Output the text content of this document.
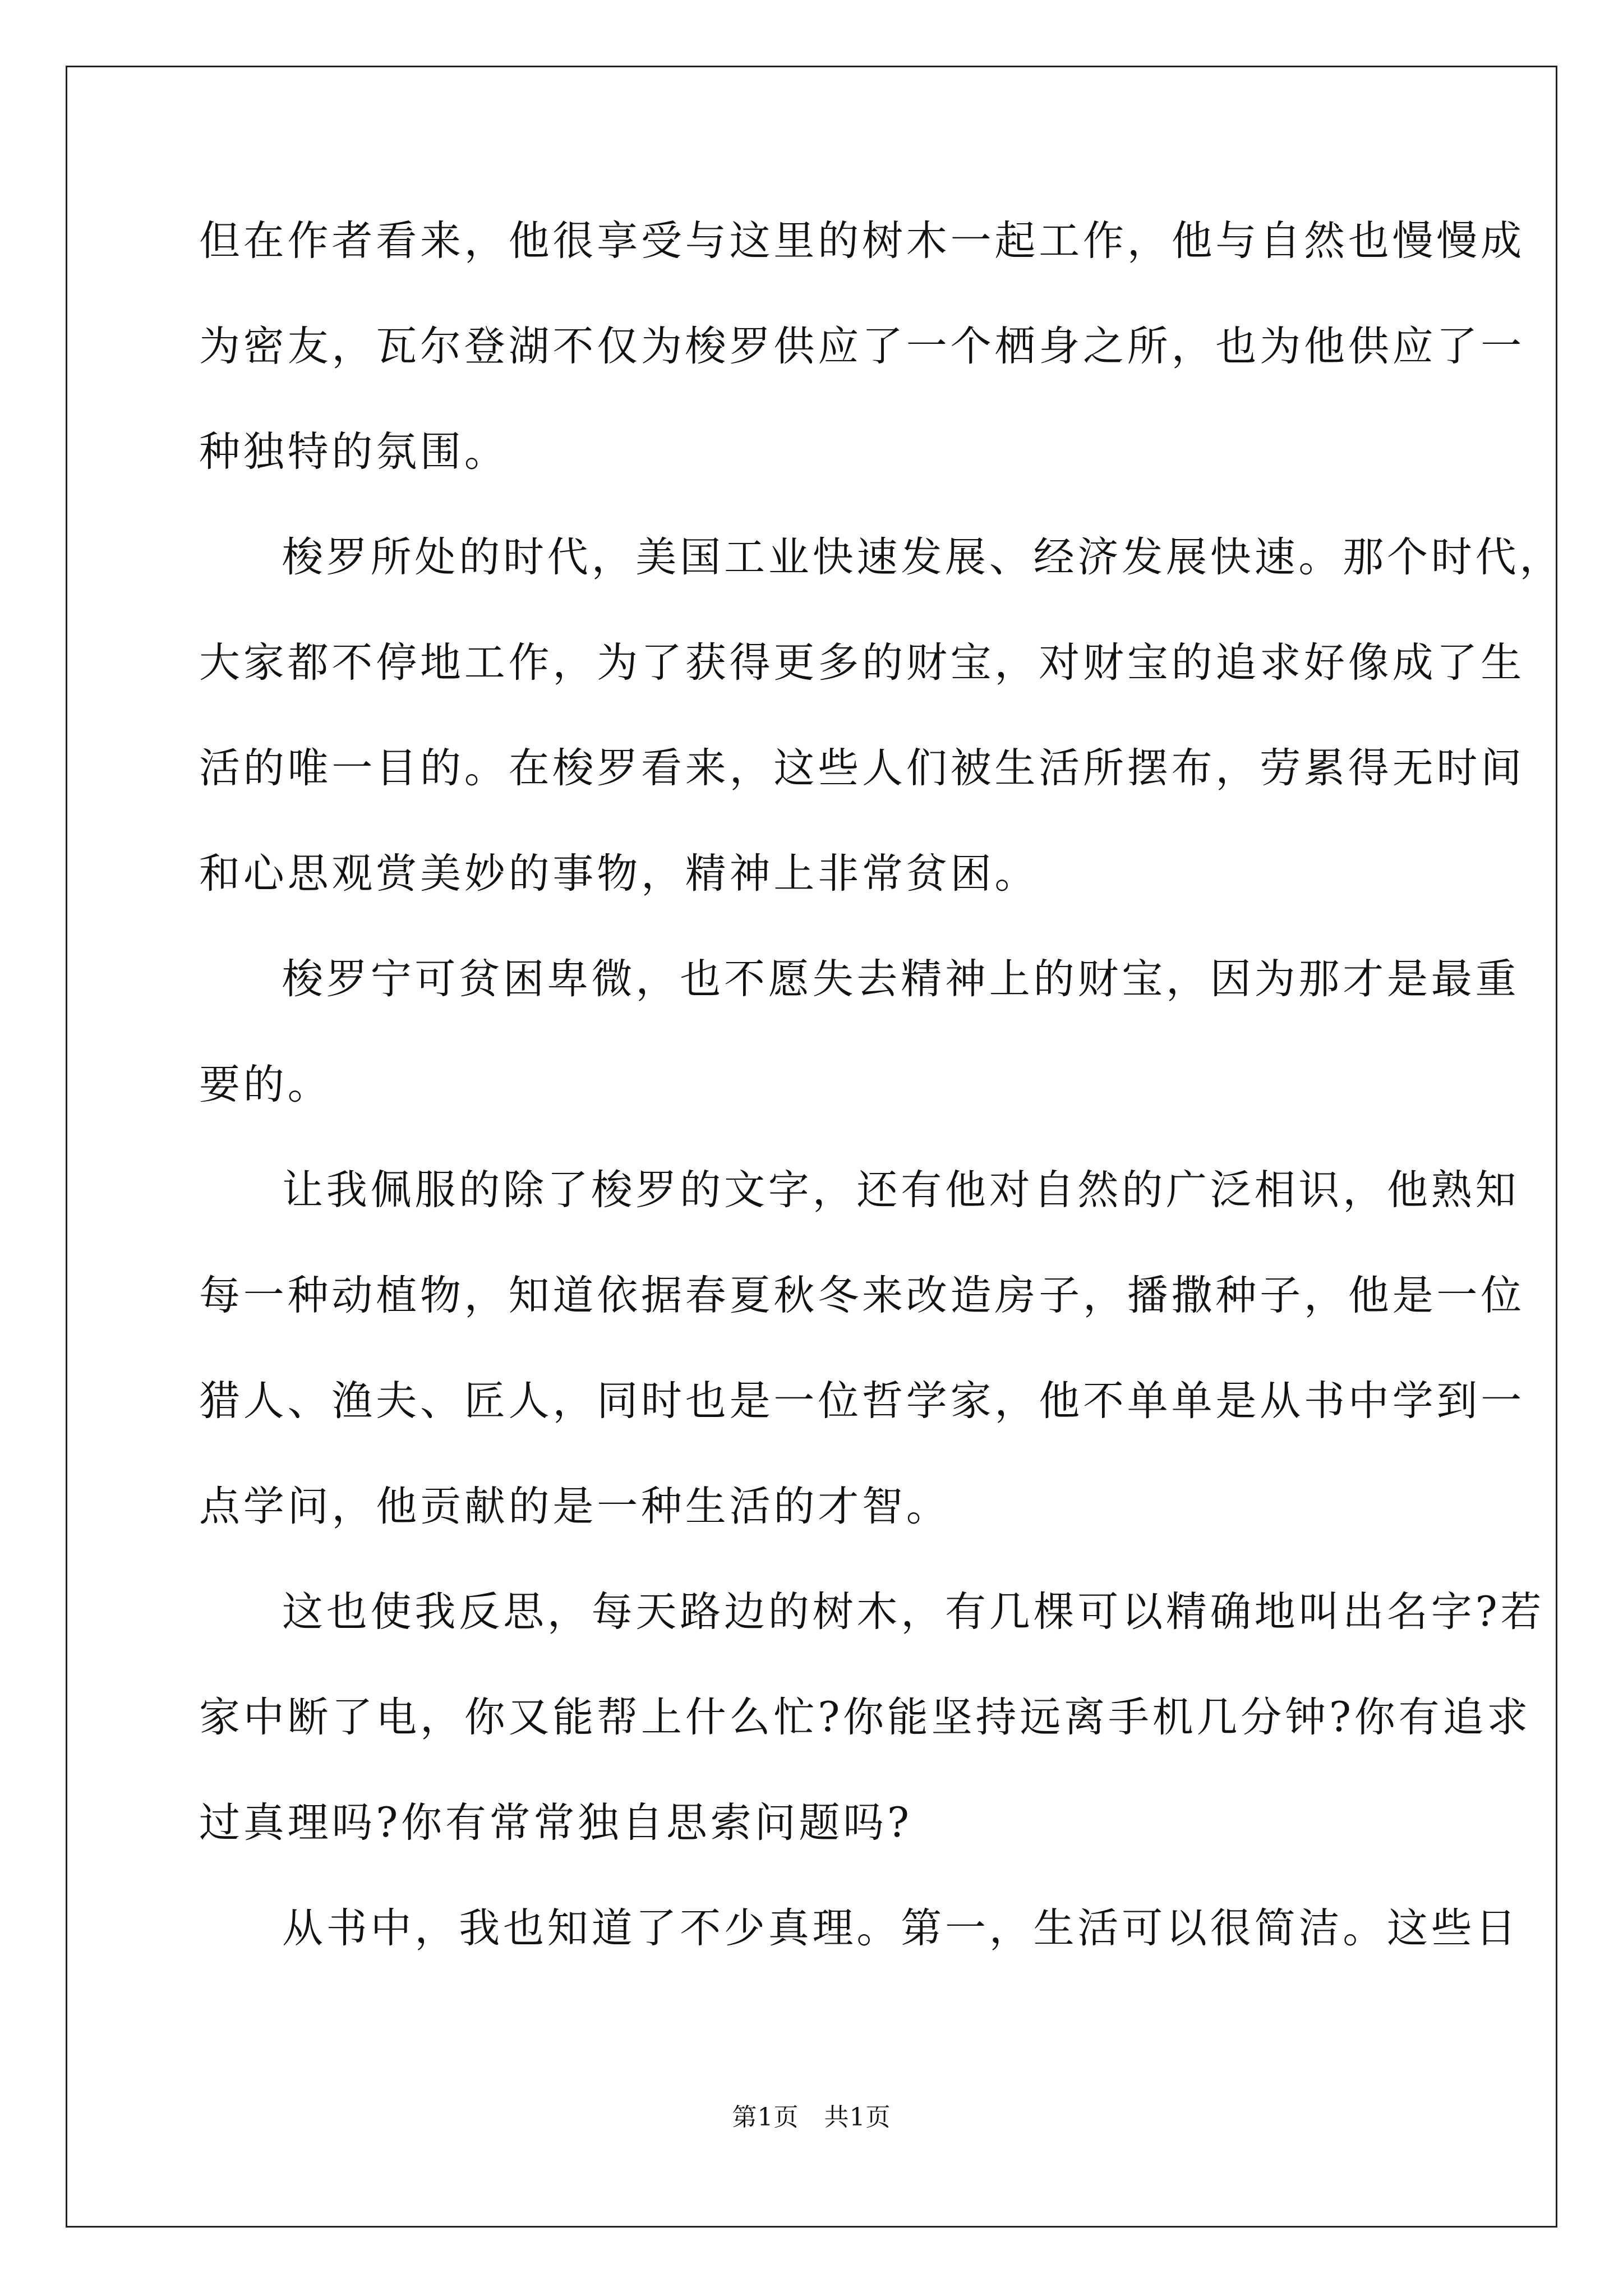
但在作者看来，他很享受与这里的树木一起工作，他与自然也慢慢成
为密友，瓦尔登湖不仅为梭罗供应了一个栖身之所，也为他供应了一
种独特的氛围。
梭罗所处的时代，美国工业快速发展、经济发展快速。那个时代，
大家都不停地工作，为了获得更多的财宝，对财宝的追求好像成了生
活的唯一目的。在梭罗看来，这些人们被生活所摆布，劳累得无时间
和心思观赏美妙的事物，精神上非常贫困。
梭罗宁可贫困卑微，也不愿失去精神上的财宝，因为那才是最重
要的。
让我佩服的除了梭罗的文字，还有他对自然的广泛相识，他熟知
每一种动植物，知道依据春夏秋冬来改造房子，播撒种子，他是一位
猎人、渔夫、匠人，同时也是一位哲学家，他不单单是从书中学到一
点学问，他贡献的是一种生活的才智。
这也使我反思，每天路边的树木，有几棵可以精确地叫出名字?若
家中断了电，你又能帮上什么忙?你能坚持远离手机几分钟?你有追求
过真理吗?你有常常独自思索问题吗?
从书中，我也知道了不少真理。第一，生活可以很简洁。这些日
第1页　共1页
